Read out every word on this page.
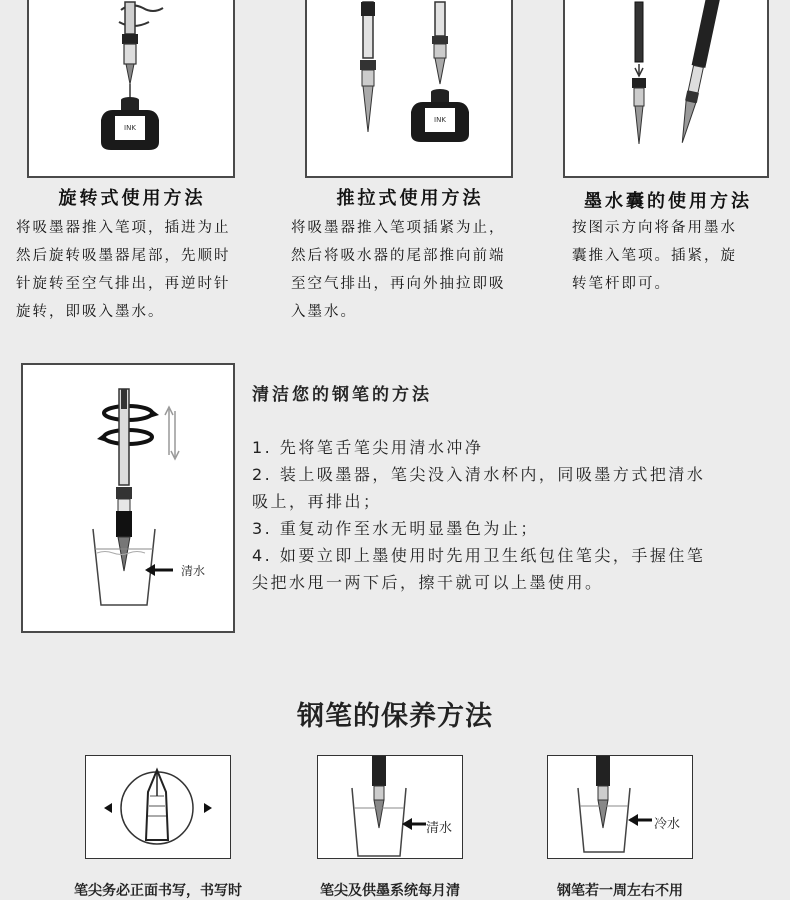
INK
INK
旋转式使用方法	推拉式使用方法	墨水囊的使用方法
将吸墨器推入笔项，插进为止
然后旋转吸墨器尾部，先顺时
针旋转至空气排出，再逆时针
旋转，即吸入墨水。
将吸墨器推入笔项插紧为止，
然后将吸水器的尾部推向前端
至空气排出，再向外抽拉即吸
入墨水。
按图示方向将备用墨水
囊推入笔项。插紧，旋
转笔杆即可。
清水
清洁您的钢笔的方法
1. 先将笔舌笔尖用清水冲净
2. 装上吸墨器，笔尖没入清水杯内，同吸墨方式把清水
吸上，再排出；
3. 重复动作至水无明显墨色为止；
4. 如要立即上墨使用时先用卫生纸包住笔尖，手握住笔
尖把水甩一两下后，擦干就可以上墨使用。
钢笔的保养方法
清水	冷水
笔尖务必正面书写，书写时	笔尖及供墨系统每月清	钢笔若一周左右不用
